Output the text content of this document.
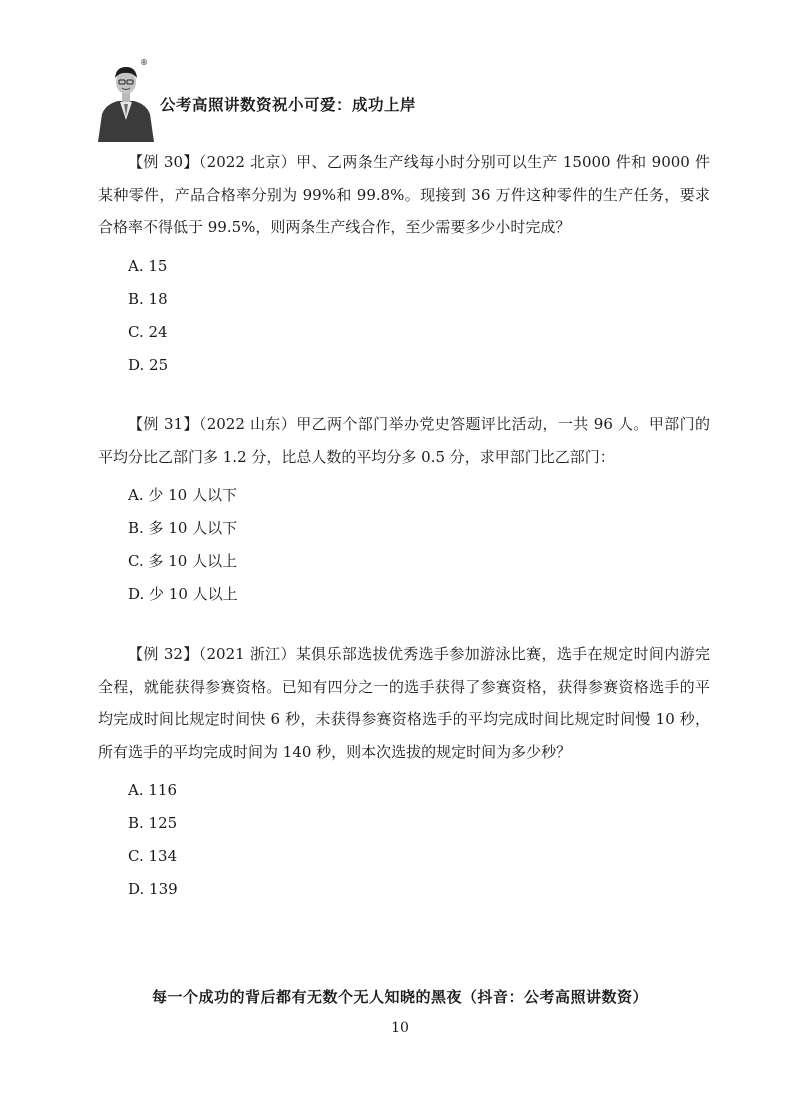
®
公考高照讲数资祝小可爱：成功上岸

【例 30】（2022 北京）甲、乙两条生产线每小时分别可以生产 15000 件和 9000 件某种零件，产品合格率分别为 99%和 99.8%。现接到 36 万件这种零件的生产任务，要求合格率不得低于 99.5%，则两条生产线合作，至少需要多少小时完成？

A. 15
B. 18
C. 24
D. 25

【例 31】（2022 山东）甲乙两个部门举办党史答题评比活动，一共 96 人。甲部门的平均分比乙部门多 1.2 分，比总人数的平均分多 0.5 分，求甲部门比乙部门：

A. 少 10 人以下
B. 多 10 人以下
C. 多 10 人以上
D. 少 10 人以上

【例 32】（2021 浙江）某俱乐部选拔优秀选手参加游泳比赛，选手在规定时间内游完全程，就能获得参赛资格。已知有四分之一的选手获得了参赛资格，获得参赛资格选手的平均完成时间比规定时间快 6 秒，未获得参赛资格选手的平均完成时间比规定时间慢 10 秒，所有选手的平均完成时间为 140 秒，则本次选拔的规定时间为多少秒？

A. 116
B. 125
C. 134
D. 139
每一个成功的背后都有无数个无人知晓的黑夜（抖音：公考高照讲数资）
10
